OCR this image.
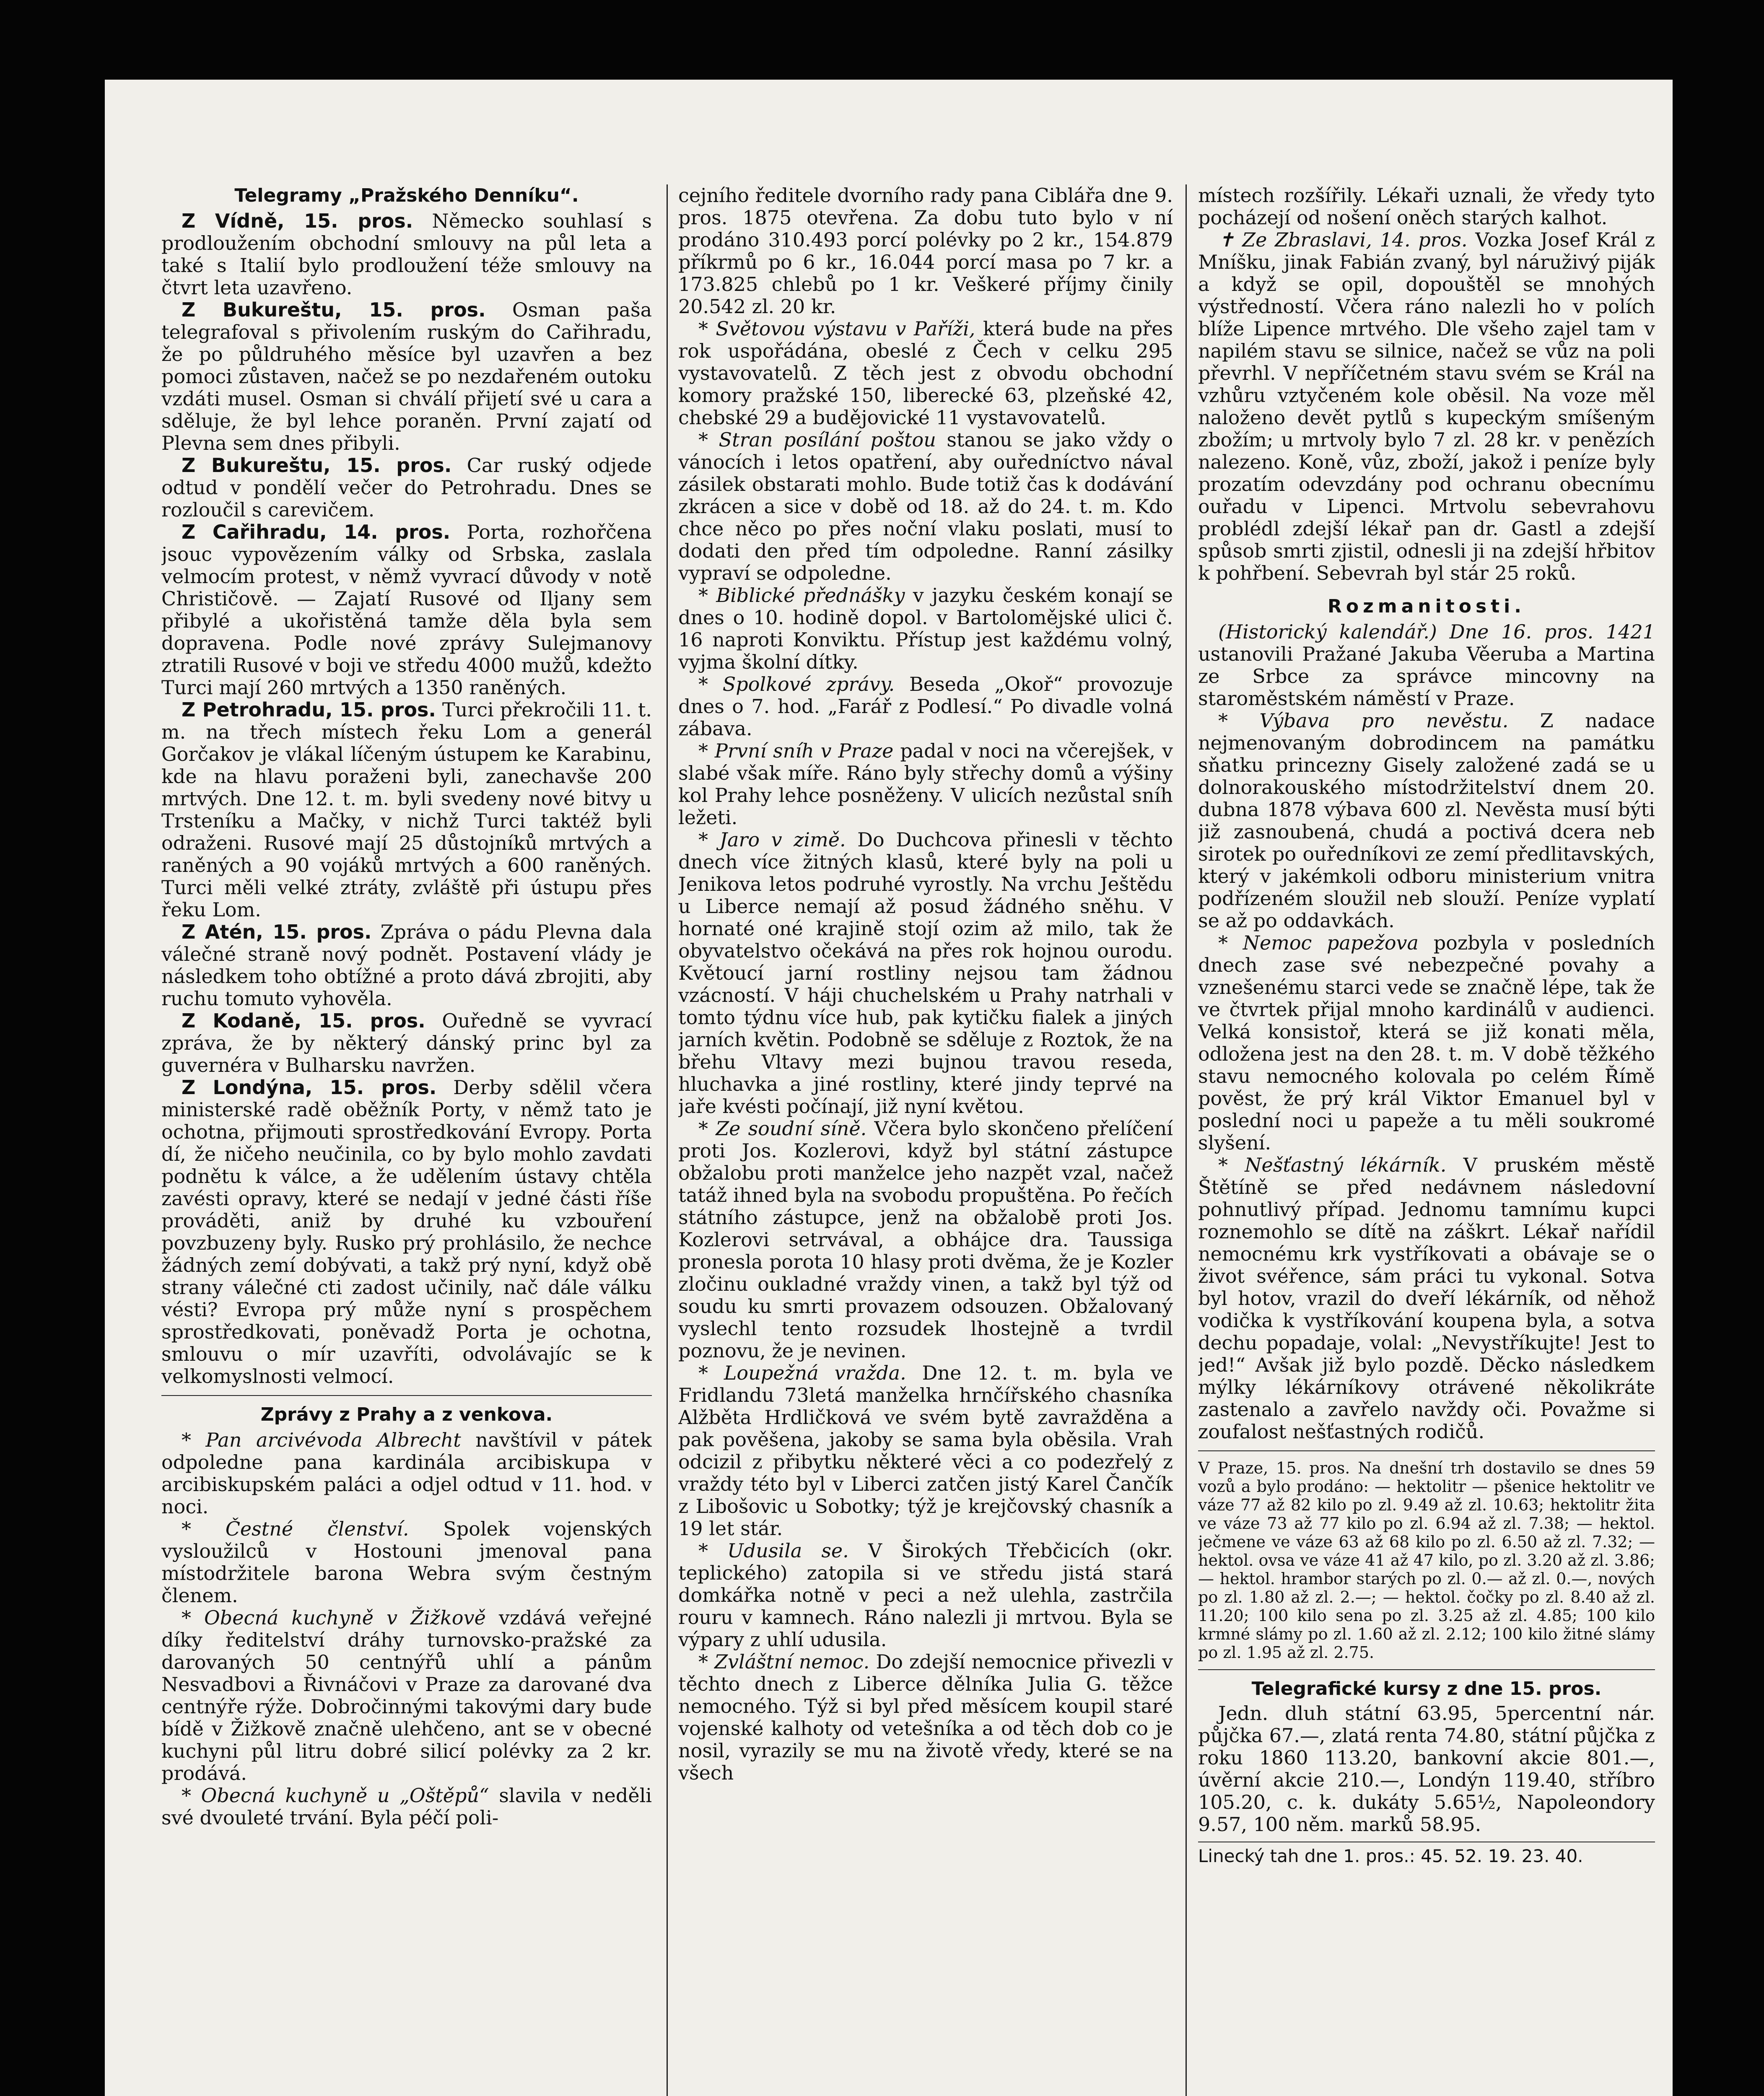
Telegramy „Pražského Denníku“.

Z Vídně, 15. pros. Německo souhlasí s prodloužením obchodní smlouvy na půl leta a také s Italií bylo prodloužení téže smlouvy na čtvrt leta uzavřeno.

Z Bukureštu, 15. pros. Osman paša telegrafoval s přivolením ruským do Cařihradu, že po půldruhého měsíce byl uzavřen a bez pomoci zůstaven, načež se po nezdařeném outoku vzdáti musel. Osman si chválí přijetí své u cara a sděluje, že byl lehce poraněn. První zajatí od Plevna sem dnes přibyli.

Z Bukureštu, 15. pros. Car ruský odjede odtud v pondělí večer do Petrohradu. Dnes se rozloučil s carevičem.

Z Cařihradu, 14. pros. Porta, rozhořčena jsouc vypovězením války od Srbska, zaslala velmocím protest, v němž vyvrací důvody v notě Christičově. — Zajatí Rusové od Iljany sem přibylé a ukořistěná tamže děla byla sem dopravena. Podle nové zprávy Sulejmanovy ztratili Rusové v boji ve středu 4000 mužů, kdežto Turci mají 260 mrtvých a 1350 raněných.

Z Petrohradu, 15. pros. Turci překročili 11. t. m. na třech místech řeku Lom a generál Gorčakov je vlákal líčeným ústupem ke Karabinu, kde na hlavu poraženi byli, zanechavše 200 mrtvých. Dne 12. t. m. byli svedeny nové bitvy u Trsteníku a Mačky, v nichž Turci taktéž byli odraženi. Rusové mají 25 důstojníků mrtvých a raněných a 90 vojáků mrtvých a 600 raněných. Turci měli velké ztráty, zvláště při ústupu přes řeku Lom.

Z Atén, 15. pros. Zpráva o pádu Plevna dala válečné straně nový podnět. Postavení vlády je následkem toho obtížné a proto dává zbrojiti, aby ruchu tomuto vyhověla.

Z Kodaně, 15. pros. Ouředně se vyvrací zpráva, že by některý dánský princ byl za guvernéra v Bulharsku navržen.

Z Londýna, 15. pros. Derby sdělil včera ministerské radě oběžník Porty, v němž tato je ochotna, přijmouti sprostředkování Evropy. Porta dí, že ničeho neučinila, co by bylo mohlo zavdati podnětu k válce, a že udělením ústavy chtěla zavésti opravy, které se nedají v jedné části říše prováděti, aniž by druhé ku vzbouření povzbuzeny byly. Rusko prý prohlásilo, že nechce žádných zemí dobývati, a takž prý nyní, když obě strany válečné cti zadost učinily, nač dále válku vésti? Evropa prý může nyní s prospěchem sprostředkovati, poněvadž Porta je ochotna, smlouvu o mír uzavříti, odvolávajíc se k velkomyslnosti velmocí.

Zprávy z Prahy a z venkova.

* Pan arcivévoda Albrecht navštívil v pátek odpoledne pana kardinála arcibiskupa v arcibiskupském paláci a odjel odtud v 11. hod. v noci.

* Čestné členství. Spolek vojenských vysloužilců v Hostouni jmenoval pana místodržitele barona Webra svým čestným členem.

* Obecná kuchyně v Žižkově vzdává veřejné díky ředitelství dráhy turnovsko-pražské za darovaných 50 centnýřů uhlí a pánům Nesvadbovi a Řivnáčovi v Praze za darované dva centnýře rýže. Dobročinnými takovými dary bude bídě v Žižkově značně ulehčeno, ant se v obecné kuchyni půl litru dobré silicí polévky za 2 kr. prodává.

* Obecná kuchyně u „Oštěpů“ slavila v neděli své dvouleté trvání. Byla péčí poli-

cejního ředitele dvorního rady pana Ciblářa dne 9. pros. 1875 otevřena. Za dobu tuto bylo v ní prodáno 310.493 porcí polévky po 2 kr., 154.879 příkrmů po 6 kr., 16.044 porcí masa po 7 kr. a 173.825 chlebů po 1 kr. Veškeré příjmy činily 20.542 zl. 20 kr.

* Světovou výstavu v Paříži, která bude na přes rok uspořádána, obeslé z Čech v celku 295 vystavovatelů. Z těch jest z obvodu obchodní komory pražské 150, liberecké 63, plzeňské 42, chebské 29 a budějovické 11 vystavovatelů.

* Stran posílání poštou stanou se jako vždy o vánocích i letos opatření, aby ouředníctvo nával zásilek obstarati mohlo. Bude totiž čas k dodávání zkrácen a sice v době od 18. až do 24. t. m. Kdo chce něco po přes noční vlaku poslati, musí to dodati den před tím odpoledne. Ranní zásilky vypraví se odpoledne.

* Biblické přednášky v jazyku českém konají se dnes o 10. hodině dopol. v Bartolomějské ulici č. 16 naproti Konviktu. Přístup jest každému volný, vyjma školní dítky.

* Spolkové zprávy. Beseda „Okoř“ provozuje dnes o 7. hod. „Farář z Podlesí.“ Po divadle volná zábava.

* První sníh v Praze padal v noci na včerejšek, v slabé však míře. Ráno byly střechy domů a výšiny kol Prahy lehce posněženy. V ulicích nezůstal sníh ležeti.

* Jaro v zimě. Do Duchcova přinesli v těchto dnech více žitných klasů, které byly na poli u Jenikova letos podruhé vyrostly. Na vrchu Ještědu u Liberce nemají až posud žádného sněhu. V hornaté oné krajině stojí ozim až milo, tak že obyvatelstvo očekává na přes rok hojnou ourodu. Květoucí jarní rostliny nejsou tam žádnou vzácností. V háji chuchelském u Prahy natrhali v tomto týdnu více hub, pak kytičku fialek a jiných jarních květin. Podobně se sděluje z Roztok, že na břehu Vltavy mezi bujnou travou reseda, hluchavka a jiné rostliny, které jindy teprvé na jaře kvésti počínají, již nyní květou.

* Ze soudní síně. Včera bylo skončeno přelíčení proti Jos. Kozlerovi, když byl státní zástupce obžalobu proti manželce jeho nazpět vzal, načež tatáž ihned byla na svobodu propuštěna. Po řečích státního zástupce, jenž na obžalobě proti Jos. Kozlerovi setrvával, a obhájce dra. Taussiga pronesla porota 10 hlasy proti dvěma, že je Kozler zločinu oukladné vraždy vinen, a takž byl týž od soudu ku smrti provazem odsouzen. Obžalovaný vyslechl tento rozsudek lhostejně a tvrdil poznovu, že je nevinen.

* Loupežná vražda. Dne 12. t. m. byla ve Fridlandu 73letá manželka hrnčířského chasníka Alžběta Hrdličková ve svém bytě zavražděna a pak pověšena, jakoby se sama byla oběsila. Vrah odcizil z přibytku některé věci a co podezřelý z vraždy této byl v Liberci zatčen jistý Karel Čančík z Libošovic u Sobotky; týž je krejčovský chasník a 19 let stár.

* Udusila se. V Širokých Třebčicích (okr. teplického) zatopila si ve středu jistá stará domkářka notně v peci a než ulehla, zastrčila rouru v kamnech. Ráno nalezli ji mrtvou. Byla se výpary z uhlí udusila.

* Zvláštní nemoc. Do zdejší nemocnice přivezli v těchto dnech z Liberce dělníka Julia G. těžce nemocného. Týž si byl před měsícem koupil staré vojenské kalhoty od vetešníka a od těch dob co je nosil, vyrazily se mu na životě vředy, které se na všech

místech rozšířily. Lékaři uznali, že vředy tyto pocházejí od nošení oněch starých kalhot.

✝ Ze Zbraslavi, 14. pros. Vozka Josef Král z Mníšku, jinak Fabián zvaný, byl náruživý piják a když se opil, dopouštěl se mnohých výstředností. Včera ráno nalezli ho v polích blíže Lipence mrtvého. Dle všeho zajel tam v napilém stavu se silnice, načež se vůz na poli převrhl. V nepříčetném stavu svém se Král na vzhůru vztyčeném kole oběsil. Na voze měl naloženo devět pytlů s kupeckým smíšeným zbožím; u mrtvoly bylo 7 zl. 28 kr. v penězích nalezeno. Koně, vůz, zboží, jakož i peníze byly prozatím odevzdány pod ochranu obecnímu ouřadu v Lipenci. Mrtvolu sebevrahovu problédl zdejší lékař pan dr. Gastl a zdejší spůsob smrti zjistil, odnesli ji na zdejší hřbitov k pohřbení. Sebevrah byl stár 25 roků.

Rozmanitosti.

(Historický kalendář.) Dne 16. pros. 1421 ustanovili Pražané Jakuba Věeruba a Martina ze Srbce za správce mincovny na staroměstském náměstí v Praze.

* Výbava pro nevěstu. Z nadace nejmenovaným dobrodincem na památku sňatku princezny Gisely založené zadá se u dolnorakouského místodržitelství dnem 20. dubna 1878 výbava 600 zl. Nevěsta musí býti již zasnoubená, chudá a poctivá dcera neb sirotek po ouředníkovi ze zemí předlitavských, který v jakémkoli odboru ministerium vnitra podřízeném sloužil neb slouží. Peníze vyplatí se až po oddavkách.

* Nemoc papežova pozbyla v posledních dnech zase své nebezpečné povahy a vznešenému starci vede se značně lépe, tak že ve čtvrtek přijal mnoho kardinálů v audienci. Velká konsistoř, která se již konati měla, odložena jest na den 28. t. m. V době těžkého stavu nemocného kolovala po celém Římě pověst, že prý král Viktor Emanuel byl v poslední noci u papeže a tu měli soukromé slyšení.

* Nešťastný lékárník. V pruském městě Štětíně se před nedávnem následovní pohnutlivý případ. Jednomu tamnímu kupci roznemohlo se dítě na záškrt. Lékař nařídil nemocnému krk vystříkovati a obávaje se o život svéřence, sám práci tu vykonal. Sotva byl hotov, vrazil do dveří lékárník, od něhož vodička k vystříkování koupena byla, a sotva dechu popadaje, volal: „Nevystříkujte! Jest to jed!“ Avšak již bylo pozdě. Děcko následkem mýlky lékárníkovy otrávené několikráte zastenalo a zavřelo navždy oči. Považme si zoufalost nešťastných rodičů.

V Praze, 15. pros. Na dnešní trh dostavilo se dnes 59 vozů a bylo prodáno: — hektolitr — pšenice hektolitr ve váze 77 až 82 kilo po zl. 9.49 až zl. 10.63; hektolitr žita ve váze 73 až 77 kilo po zl. 6.94 až zl. 7.38; — hektol. ječmene ve váze 63 až 68 kilo po zl. 6.50 až zl. 7.32; — hektol. ovsa ve váze 41 až 47 kilo, po zl. 3.20 až zl. 3.86; — hektol. hrambor starých po zl. 0.— až zl. 0.—, nových po zl. 1.80 až zl. 2.—; — hektol. čočky po zl. 8.40 až zl. 11.20; 100 kilo sena po zl. 3.25 až zl. 4.85; 100 kilo krmné slámy po zl. 1.60 až zl. 2.12; 100 kilo žitné slámy po zl. 1.95 až zl. 2.75.

Telegrafické kursy z dne 15. pros.

Jedn. dluh státní 63.95, 5percentní nár. půjčka 67.—, zlatá renta 74.80, státní půjčka z roku 1860 113.20, bankovní akcie 801.—, úvěrní akcie 210.—, Londýn 119.40, stříbro 105.20, c. k. dukáty 5.65½, Napoleondory 9.57, 100 něm. marků 58.95.

Linecký tah dne 1. pros.: 45. 52. 19. 23. 40.
